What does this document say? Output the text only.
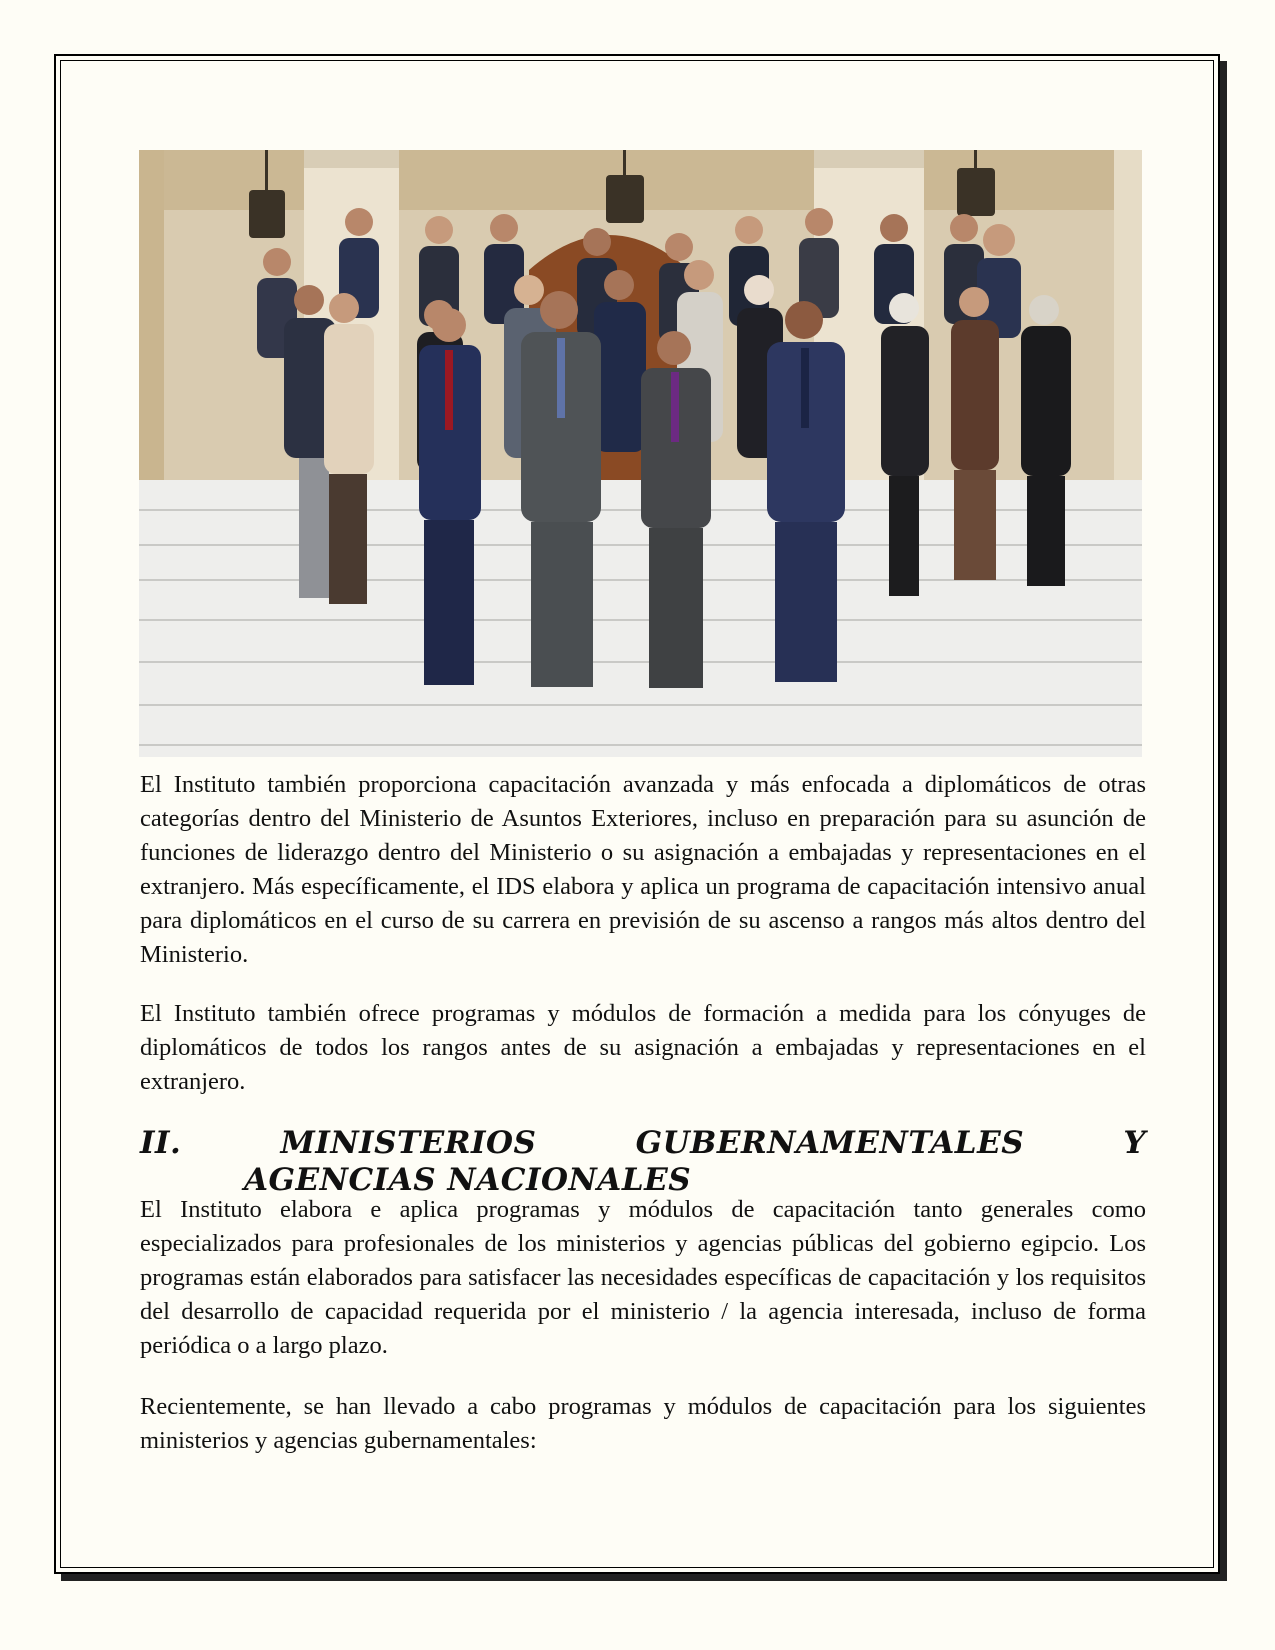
El Instituto también proporciona capacitación avanzada y más enfocada a diplomáticos de otras categorías dentro del Ministerio de Asuntos Exteriores, incluso en preparación para su asunción de funciones de liderazgo dentro del Ministerio o su asignación a embajadas y representaciones en el extranjero. Más específicamente, el IDS elabora y aplica un programa de capacitación intensivo anual para diplomáticos en el curso de su carrera en previsión de su ascenso a rangos más altos dentro del Ministerio.

El Instituto también ofrece programas y módulos de formación a medida para los cónyuges de diplomáticos de todos los rangos antes de su asignación a embajadas y representaciones en el extranjero.

II.	MINISTERIOS	GUBERNAMENTALES	Y
AGENCIAS NACIONALES

El Instituto elabora e aplica programas y módulos de capacitación tanto generales como especializados para profesionales de los ministerios y agencias públicas del gobierno egipcio. Los programas están elaborados para satisfacer las necesidades específicas de capacitación y los requisitos del desarrollo de capacidad requerida por el ministerio / la agencia interesada, incluso de forma periódica o a largo plazo.

Recientemente, se han llevado a cabo programas y módulos de capacitación para los siguientes ministerios y agencias gubernamentales:
